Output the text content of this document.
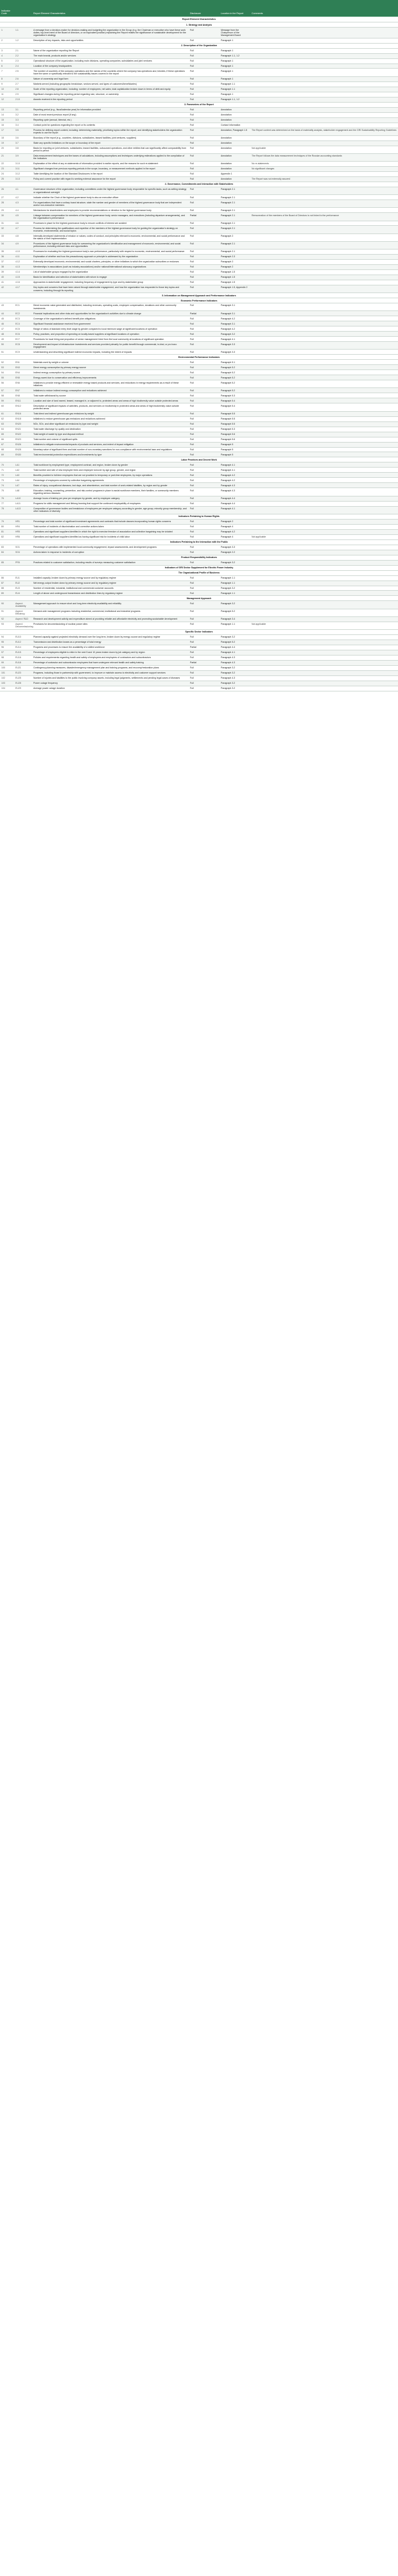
Indicator Code		Report Element Characteristics	Disclosure	Location in the Report	Comments
Report Element Characteristics					
1. Strategy and Analysis					
1	1.1	A message from a decision-maker for decision-making and budgeting the organization in the Group (e.g. the Chairman or executive who have these work duties, top-level need of the Board of directors, or an equivalent position) explaining the Report relates the significance of sustainable development for the organization's strategy	Full	Message from the Chairperson of the Management Board	
2	1.2	Description of key impacts, risks and opportunities	Full	Paragraph 1	
2. Description of the Organization					
3	2.1	Name of the organization reporting the Report	Full	Paragraph 1	
4	2.2	The main brands, products and/or services	Full	Paragraph 1.1, 1.2	
5	2.3	Operational structure of the organization, including main divisions, operating companies, subsidiaries and joint ventures	Full	Paragraph 1	
6	2.4	Location of the company headquarters	Full	Paragraph 1	
7	2.5	The number of countries of the company operations and the names of the countries where the company has operations and, besides, if these operations have the same or specifically relevant to the sustainability issues covered in the report	Full	Paragraph 1	
8	2.6	Nature of ownership and legal form	Full	Paragraph 1	
9	2.7	Markets served (including geographic breakdown, sectors served, and types of customers/beneficiaries)	Full	Paragraph 1.1	
10	2.8	Scale of the reporting organization, including: number of employees; net sales; total capitalization broken down in terms of debt and equity	Full	Paragraph 1.1	
11	2.9	Significant changes during the reporting period regarding size, structure, or ownership	Full	Paragraph 1	
12	2.10	Awards received in the reporting period	Full	Paragraph 1.1, 1.2	
3. Parameters of the Report					
13	3.1	Reporting period (e.g., fiscal/calendar year) for information provided	Full	Annotation	
14	3.2	Date of most recent previous report (if any)	Full	Annotation	
15	3.3	Reporting cycle (annual, biennial, etc.)	Full	Annotation	
16	3.4	Contact point for questions regarding the report or its contents	Full	Contact information	
17	3.5	Process for defining report content, including: determining materiality; prioritizing topics within the report; and identifying stakeholders the organization expects to use the report	Full	Annotation, Paragraph 1.5	The Report content was determined on the basis of materiality analysis, stakeholder engagement and the GRI Sustainability Reporting Guidelines
18	3.6	Boundary of the report (e.g., countries, divisions, subsidiaries, leased facilities, joint ventures, suppliers)	Full	Annotation	
19	3.7	State any specific limitations on the scope or boundary of the report	Full	Annotation	
20	3.8	Basis for reporting on joint ventures, subsidiaries, leased facilities, outsourced operations, and other entities that can significantly affect comparability from period to period	Full	Annotation	Not applicable
21	3.9	Data measurement techniques and the bases of calculations, including assumptions and techniques underlying estimations applied to the compilation of the Indicators	Full	Annotation	The Report follows the data measurement techniques of the Russian accounting standards
22	3.10	Explanation of the effect of any re-statements of information provided in earlier reports, and the reasons for such re-statement	Full	Annotation	No re-statements
23	3.11	Significant changes from previous reporting periods in the scope, boundary, or measurement methods applied in the report	Full	Annotation	No significant changes
24	3.12	Table identifying the location of the Standard Disclosures in the report	Full	Appendix 1	
25	3.13	Policy and current practice with regard to seeking external assurance for the report	Full	Annotation	The Report was not externally assured
4. Governance, Commitments and Interaction with Stakeholders					
26	4.1	Governance structure of the organization, including committees under the highest governance body responsible for specific tasks, such as setting strategy or organizational oversight	Full	Paragraph 2.1	
27	4.2	Indicate whether the Chair of the highest governance body is also an executive officer	Full	Paragraph 2.1	
28	4.3	For organizations that have a unitary board structure, state the number and gender of members of the highest governance body that are independent and/or non-executive members	Full	Paragraph 2.1	
29	4.4	Mechanisms for shareholders and employees to provide recommendations or direction to the highest governance body	Full	Paragraph 2.1	
30	4.5	Linkage between compensation for members of the highest governance body, senior managers, and executives (including departure arrangements), and the organization's performance	Partial	Paragraph 2.1	Remuneration of the members of the Board of Directors is not linked to the performance
31	4.6	Processes in place for the highest governance body to ensure conflicts of interest are avoided	Full	Paragraph 2.1	
32	4.7	Process for determining the qualifications and expertise of the members of the highest governance body for guiding the organization's strategy on economic, environmental, and social topics	Full	Paragraph 2.1	
33	4.8	Internally developed statements of mission or values, codes of conduct, and principles relevant to economic, environmental, and social performance and the status of their implementation	Full	Paragraph 2	
34	4.9	Procedures of the highest governance body for overseeing the organization's identification and management of economic, environmental, and social performance, including relevant risks and opportunities	Full	Paragraph 2.1	
35	4.10	Processes for evaluating the highest governance body's own performance, particularly with respect to economic, environmental, and social performance	Full	Paragraph 2.1	
36	4.11	Explanation of whether and how the precautionary approach or principle is addressed by the organization	Full	Paragraph 2.3	
37	4.12	Externally developed economic, environmental, and social charters, principles, or other initiatives to which the organization subscribes or endorses	Full	Paragraph 2	
38	4.13	Memberships in associations (such as industry associations) and/or national/international advocacy organizations	Full	Paragraph 2	
39	4.14	List of stakeholder groups engaged by the organization	Full	Paragraph 1.5	
40	4.15	Basis for identification and selection of stakeholders with whom to engage	Full	Paragraph 1.5	
41	4.16	Approaches to stakeholder engagement, including frequency of engagement by type and by stakeholder group	Full	Paragraph 1.5	
42	4.17	Key topics and concerns that have been raised through stakeholder engagement, and how the organization has responded to those key topics and concerns, including through its reporting	Full	Paragraph 1.5, Appendix 2	
5. Information on Management Approach and Performance Indicators					
Economic Performance Indicators					
43	EC1	Direct economic value generated and distributed, including revenues, operating costs, employee compensation, donations and other community investments	Full	Paragraph 3.1	
44	EC2	Financial implications and other risks and opportunities for the organization's activities due to climate change	Partial	Paragraph 3.1	
45	EC3	Coverage of the organization's defined benefit plan obligations	Full	Paragraph 4.2	
46	EC4	Significant financial assistance received from government	Full	Paragraph 3.1	
47	EC5	Range of ratios of standard entry level wage by gender compared to local minimum wage at significant locations of operation	Full	Paragraph 4.2	
48	EC6	Policy, practices, and proportion of spending on locally-based suppliers at significant locations of operation	Full	Paragraph 3.2	
49	EC7	Procedures for local hiring and proportion of senior management hired from the local community at locations of significant operation	Full	Paragraph 4.1	
50	EC8	Development and impact of infrastructure investments and services provided primarily for public benefit through commercial, in-kind, or pro bono engagement	Full	Paragraph 3.3	
51	EC9	Understanding and describing significant indirect economic impacts, including the extent of impacts	Full	Paragraph 3.3	
Environmental Performance Indicators					
52	EN1	Materials used by weight or volume	Full	Paragraph 5.1	
53	EN3	Direct energy consumption by primary energy source	Full	Paragraph 5.2	
54	EN4	Indirect energy consumption by primary source	Full	Paragraph 5.2	
55	EN5	Energy saved due to conservation and efficiency improvements	Full	Paragraph 5.2	
56	EN6	Initiatives to provide energy-efficient or renewable energy based products and services, and reductions in energy requirements as a result of these initiatives	Full	Paragraph 5.2	
57	EN7	Initiatives to reduce indirect energy consumption and reductions achieved	Full	Paragraph 5.2	
58	EN8	Total water withdrawal by source	Full	Paragraph 5.3	
59	EN11	Location and size of land owned, leased, managed in, or adjacent to, protected areas and areas of high biodiversity value outside protected areas	Full	Paragraph 5.4	
60	EN12	Description of significant impacts of activities, products, and services on biodiversity in protected areas and areas of high biodiversity value outside protected areas	Full	Paragraph 5.4	
61	EN16	Total direct and indirect greenhouse gas emissions by weight	Full	Paragraph 5.5	
62	EN18	Initiatives to reduce greenhouse gas emissions and reductions achieved	Full	Paragraph 5.5	
63	EN20	NOx, SOx, and other significant air emissions by type and weight	Full	Paragraph 5.5	
64	EN21	Total water discharge by quality and destination	Full	Paragraph 5.3	
65	EN22	Total weight of waste by type and disposal method	Full	Paragraph 5.6	
66	EN23	Total number and volume of significant spills	Full	Paragraph 5.6	
67	EN26	Initiatives to mitigate environmental impacts of products and services, and extent of impact mitigation	Full	Paragraph 5	
68	EN28	Monetary value of significant fines and total number of non-monetary sanctions for non-compliance with environmental laws and regulations	Full	Paragraph 5	
69	EN30	Total environmental protection expenditures and investments by type	Full	Paragraph 5	
Labor Practices and Decent Work					
70	LA1	Total workforce by employment type, employment contract, and region, broken down by gender	Full	Paragraph 4.1	
71	LA2	Total number and rate of new employee hires and employee turnover by age group, gender, and region	Full	Paragraph 4.1	
72	LA3	Benefits provided to full-time employees that are not provided to temporary or part-time employees, by major operations	Full	Paragraph 4.2	
73	LA4	Percentage of employees covered by collective bargaining agreements	Full	Paragraph 4.2	
74	LA7	Rates of injury, occupational diseases, lost days, and absenteeism, and total number of work-related fatalities, by region and by gender	Full	Paragraph 4.3	
75	LA8	Education, training, counseling, prevention, and risk-control programs in place to assist workforce members, their families, or community members regarding serious diseases	Full	Paragraph 4.3	
76	LA10	Average hours of training per year per employee by gender, and by employee category	Full	Paragraph 4.4	
77	LA11	Programs for skills management and lifelong learning that support the continued employability of employees	Full	Paragraph 4.4	
78	LA13	Composition of governance bodies and breakdown of employees per employee category according to gender, age group, minority group membership, and other indicators of diversity	Full	Paragraph 4.1	
Indicators Pertaining to Human Rights					
79	HR1	Percentage and total number of significant investment agreements and contracts that include clauses incorporating human rights concerns	Full	Paragraph 2	
80	HR4	Total number of incidents of discrimination and corrective actions taken	Full	Paragraph 4	
81	HR5	Operations and significant suppliers identified in which the right to exercise freedom of association and collective bargaining may be violated	Full	Paragraph 4.2	
82	HR6	Operations and significant suppliers identified as having significant risk for incidents of child labor	Full	Paragraph 4	Not applicable
Indicators Pertaining to the Interaction with the Public					
83	SO1	Percentage of operations with implemented local community engagement, impact assessments, and development programs	Full	Paragraph 3.3	
84	SO4	Actions taken in response to incidents of corruption	Full	Paragraph 2.2	
Product Responsibility Indicators					
85	PR5	Practices related to customer satisfaction, including results of surveys measuring customer satisfaction	Full	Paragraph 3.2	
Indicators of GRI Sector Supplement for Electric Power Industry					
The Organizational Profile of Business					
86	EU1	Installed capacity, broken down by primary energy source and by regulatory regime	Full	Paragraph 1.1	
87	EU2	Net energy output broken down by primary energy source and by regulatory regime	Full	Paragraph 1.1	
88	EU3	Number of residential, industrial, institutional and commercial customer accounts	Full	Paragraph 3.2	
89	EU4	Length of above and underground transmission and distribution lines by regulatory regime	Full	Paragraph 1.1	
Management Approach					
90	Aspect: Availability	Management approach to ensure short and long-term electricity availability and reliability	Full	Paragraph 3.2	
91	Aspect: Efficiency	Demand-side management programs including residential, commercial, institutional and industrial programs	Full	Paragraph 5.2	
92	Aspect: R&D	Research and development activity and expenditure aimed at providing reliable and affordable electricity and promoting sustainable development	Full	Paragraph 3.4	
93	Aspect: Decommissioning	Provisions for decommissioning of nuclear power sites	Full	Paragraph 1.1	Not applicable
Specific Sector Indicators					
94	EU10	Planned capacity against projected electricity demand over the long term, broken down by energy source and regulatory regime	Full	Paragraph 3.2	
95	EU12	Transmission and distribution losses as a percentage of total energy	Full	Paragraph 5.2	
96	EU14	Programs and processes to ensure the availability of a skilled workforce	Partial	Paragraph 4.4	
97	EU15	Percentage of employees eligible to retire in the next 5 and 10 years broken down by job category and by region	Full	Paragraph 4.1	
98	EU16	Policies and requirements regarding health and safety of employees and employees of contractors and subcontractors	Full	Paragraph 4.3	
99	EU18	Percentage of contractor and subcontractor employees that have undergone relevant health and safety training	Partial	Paragraph 4.3	
100	EU21	Contingency planning measures, disaster/emergency management plan and training programs, and recovery/restoration plans	Full	Paragraph 3.2	
101	EU23	Programs, including those in partnership with government, to improve or maintain access to electricity and customer support services	Full	Paragraph 3.2	
102	EU25	Number of injuries and fatalities to the public involving company assets, including legal judgments, settlements and pending legal cases of diseases	Full	Paragraph 4.3	
103	EU28	Power outage frequency	Full	Paragraph 3.2	
104	EU29	Average power outage duration	Full	Paragraph 3.2	
